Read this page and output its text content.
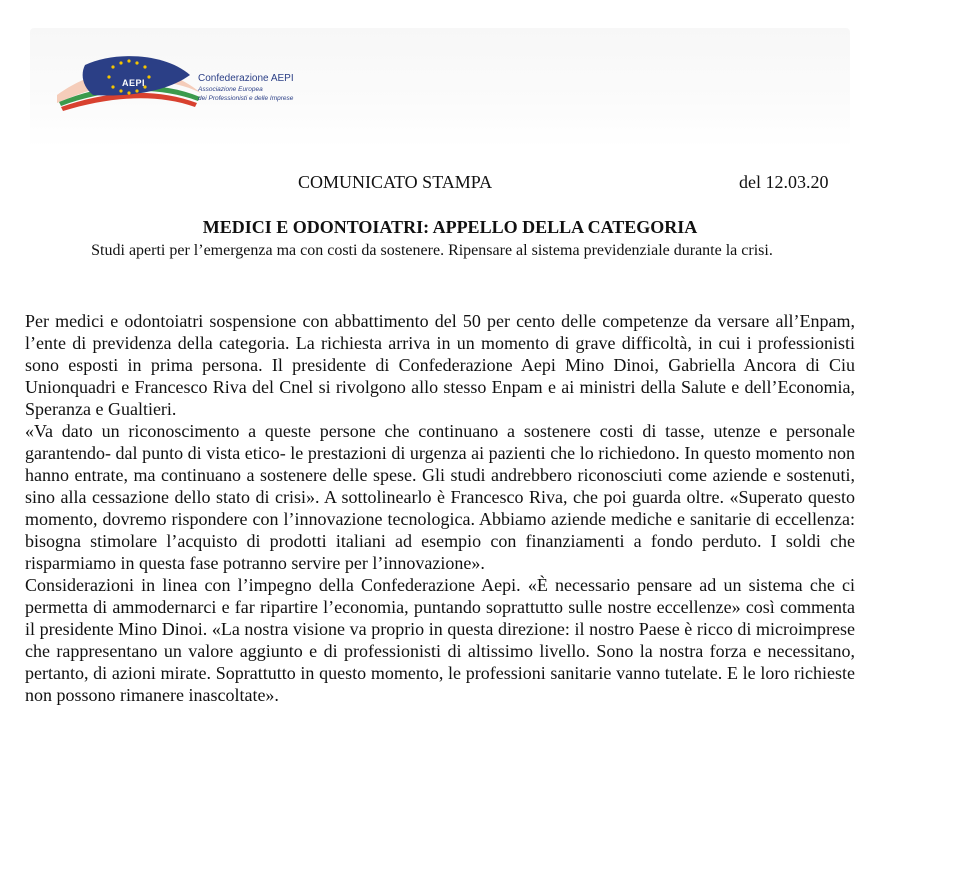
AEPI	Confederazione AEPI
Associazione Europea
dei Professionisti e delle Imprese
COMUNICATO STAMPA	del 12.03.20
MEDICI E ODONTOIATRI: APPELLO DELLA CATEGORIA
Studi aperti per l’emergenza ma con costi da sostenere. Ripensare al sistema previdenziale durante la crisi.

Per medici e odontoiatri sospensione con abbattimento del 50 per cento delle competenze da versare all’Enpam, l’ente di previdenza della categoria. La richiesta arriva in un momento di grave difficoltà, in cui i professionisti sono esposti in prima persona. Il presidente di Confederazione Aepi Mino Dinoi, Gabriella Ancora di Ciu Unionquadri e Francesco Riva del Cnel si rivolgono allo stesso Enpam e ai ministri della Salute e dell’Economia, Speranza e Gualtieri.

«Va dato un riconoscimento a queste persone che continuano a sostenere costi di tasse, utenze e personale garantendo- dal punto di vista etico- le prestazioni di urgenza ai pazienti che lo richiedono. In questo momento non hanno entrate, ma continuano a sostenere delle spese. Gli studi andrebbero riconosciuti come aziende e sostenuti, sino alla cessazione dello stato di crisi». A sottolinearlo è Francesco Riva, che poi guarda oltre. «Superato questo momento, dovremo rispondere con l’innovazione tecnologica. Abbiamo aziende mediche e sanitarie di eccellenza: bisogna stimolare l’acquisto di prodotti italiani ad esempio con finanziamenti a fondo perduto. I soldi che risparmiamo in questa fase potranno servire per l’innovazione».

Considerazioni in linea con l’impegno della Confederazione Aepi. «È necessario pensare ad un sistema che ci permetta di ammodernarci e far ripartire l’economia, puntando soprattutto sulle nostre eccellenze» così commenta il presidente Mino Dinoi. «La nostra visione va proprio in questa direzione: il nostro Paese è ricco di microimprese che rappresentano un valore aggiunto e di professionisti di altissimo livello. Sono la nostra forza e necessitano, pertanto, di azioni mirate. Soprattutto in questo momento, le professioni sanitarie vanno tutelate. E le loro richieste non possono rimanere inascoltate».
